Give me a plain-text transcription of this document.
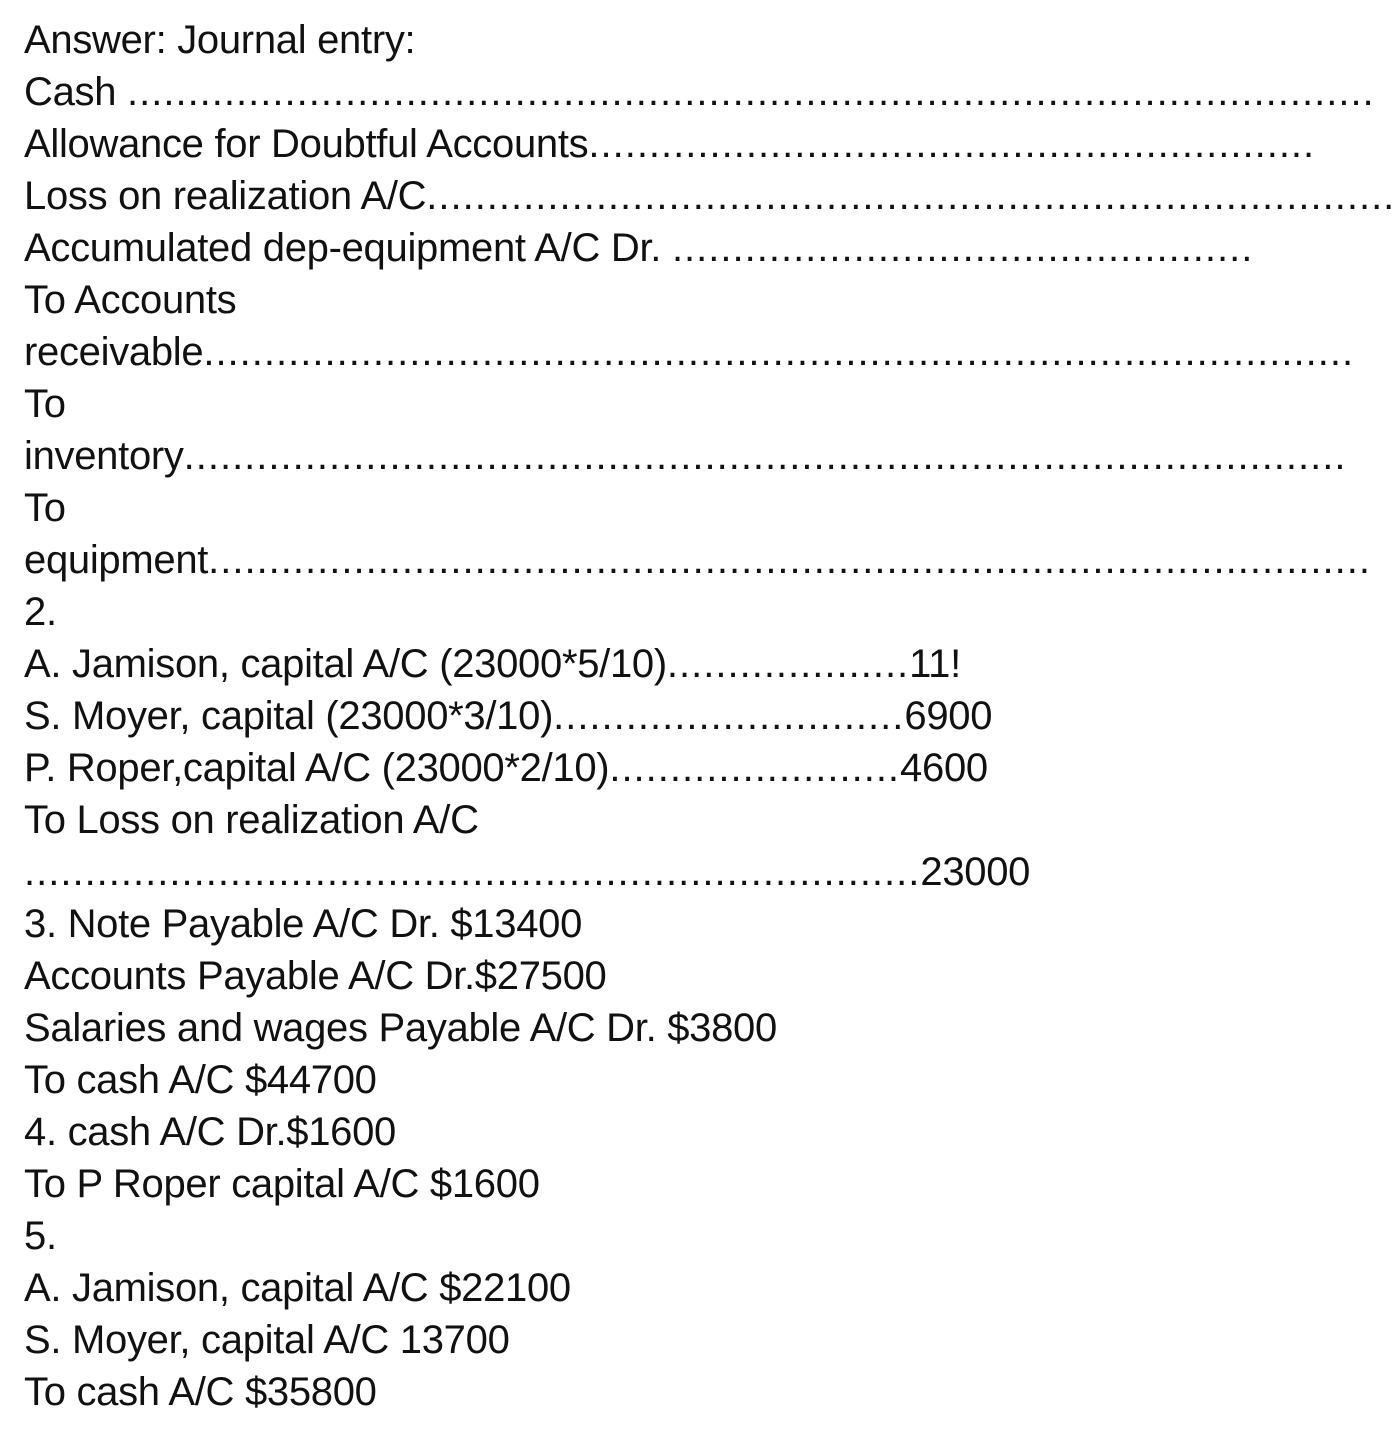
Answer: Journal entry:
Cash .......................................................................................................
Allowance for Doubtful Accounts............................................................
Loss on realization A/C................................................................................
Accumulated dep-equipment A/C Dr. ................................................
To Accounts
receivable...............................................................................................
To
inventory................................................................................................
To
equipment................................................................................................
2.
A. Jamison, capital A/C (23000*5/10)....................11!
S. Moyer, capital (23000*3/10).............................6900
P. Roper,capital A/C (23000*2/10)........................4600
To Loss on realization A/C
..........................................................................23000
3. Note Payable A/C Dr. $13400
Accounts Payable A/C Dr.$27500
Salaries and wages Payable A/C Dr. $3800
To cash A/C $44700
4. cash A/C Dr.$1600
To P Roper capital A/C $1600
5.
A. Jamison, capital A/C $22100
S. Moyer, capital A/C 13700
To cash A/C $35800
